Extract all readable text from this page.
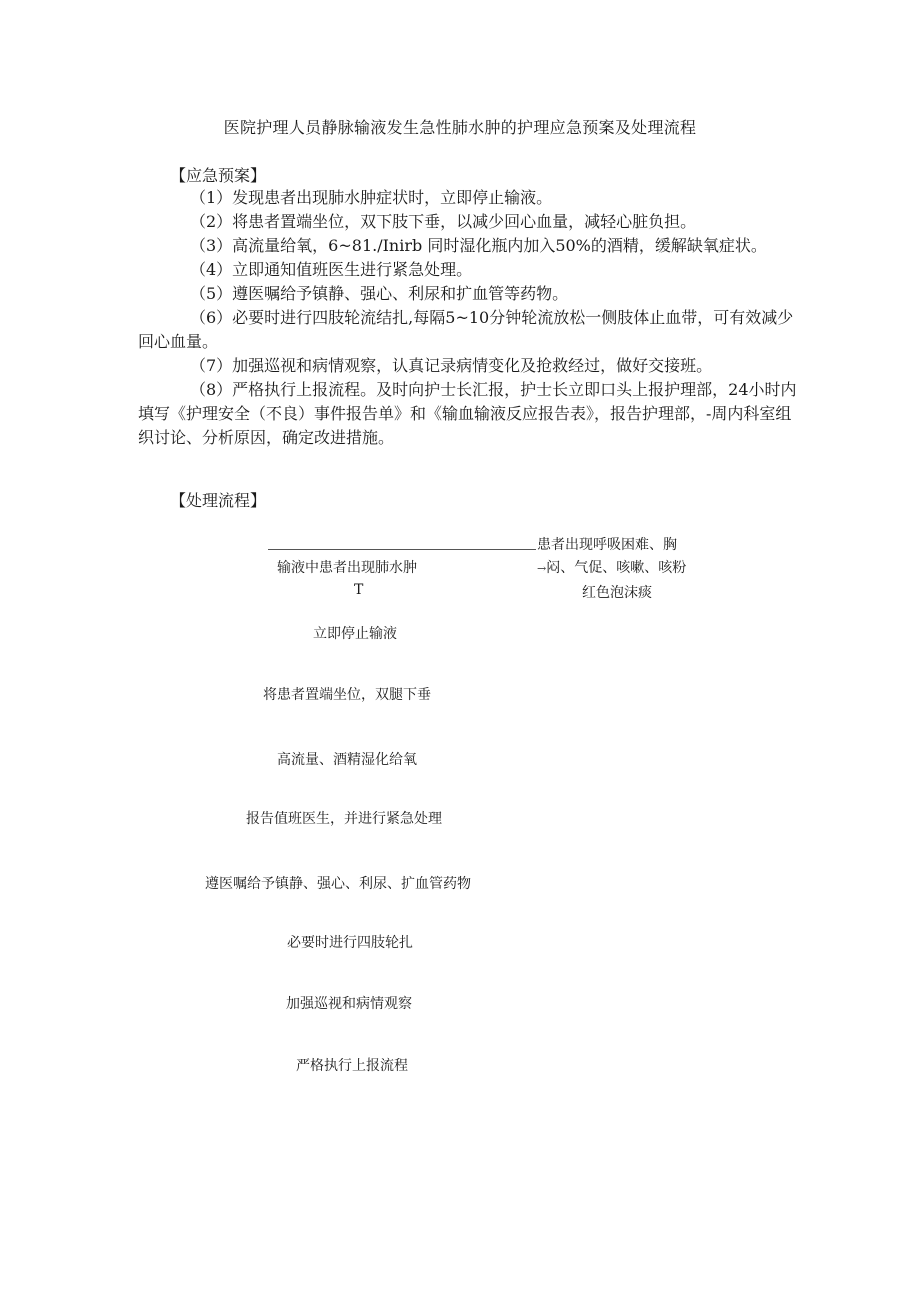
医院护理人员静脉输液发生急性肺水肿的护理应急预案及处理流程
【应急预案】

（1）发现患者出现肺水肿症状时，立即停止输液。

（2）将患者置端坐位，双下肢下垂，以减少回心血量，减轻心脏负担。

（3）高流量给氧，6~81./Inirb 同时湿化瓶内加入50%的酒精，缓解缺氧症状。

（4）立即通知值班医生进行紧急处理。

（5）遵医嘱给予镇静、强心、利尿和扩血管等药物。

（6）必要时进行四肢轮流结扎,每隔5~10分钟轮流放松一侧肢体止血带，可有效减少回心血量。

（7）加强巡视和病情观察，认真记录病情变化及抢救经过，做好交接班。

（8）严格执行上报流程。及时向护士长汇报，护士长立即口头上报护理部，24小时内填写《护理安全（不良）事件报告单》和《输血输液反应报告表》，报告护理部，-周内科室组织讨论、分析原因，确定改进措施。

【处理流程】
输液中患者出现肺水肿
T
患者出现呼吸困难、胸
→闷、气促、咳嗽、咳粉
红色泡沫痰
立即停止输液
将患者置端坐位，双腿下垂
高流量、酒精湿化给氧
报告值班医生，并进行紧急处理
遵医嘱给予镇静、强心、利尿、扩血管药物
必要时进行四肢轮扎
加强巡视和病情观察
严格执行上报流程
